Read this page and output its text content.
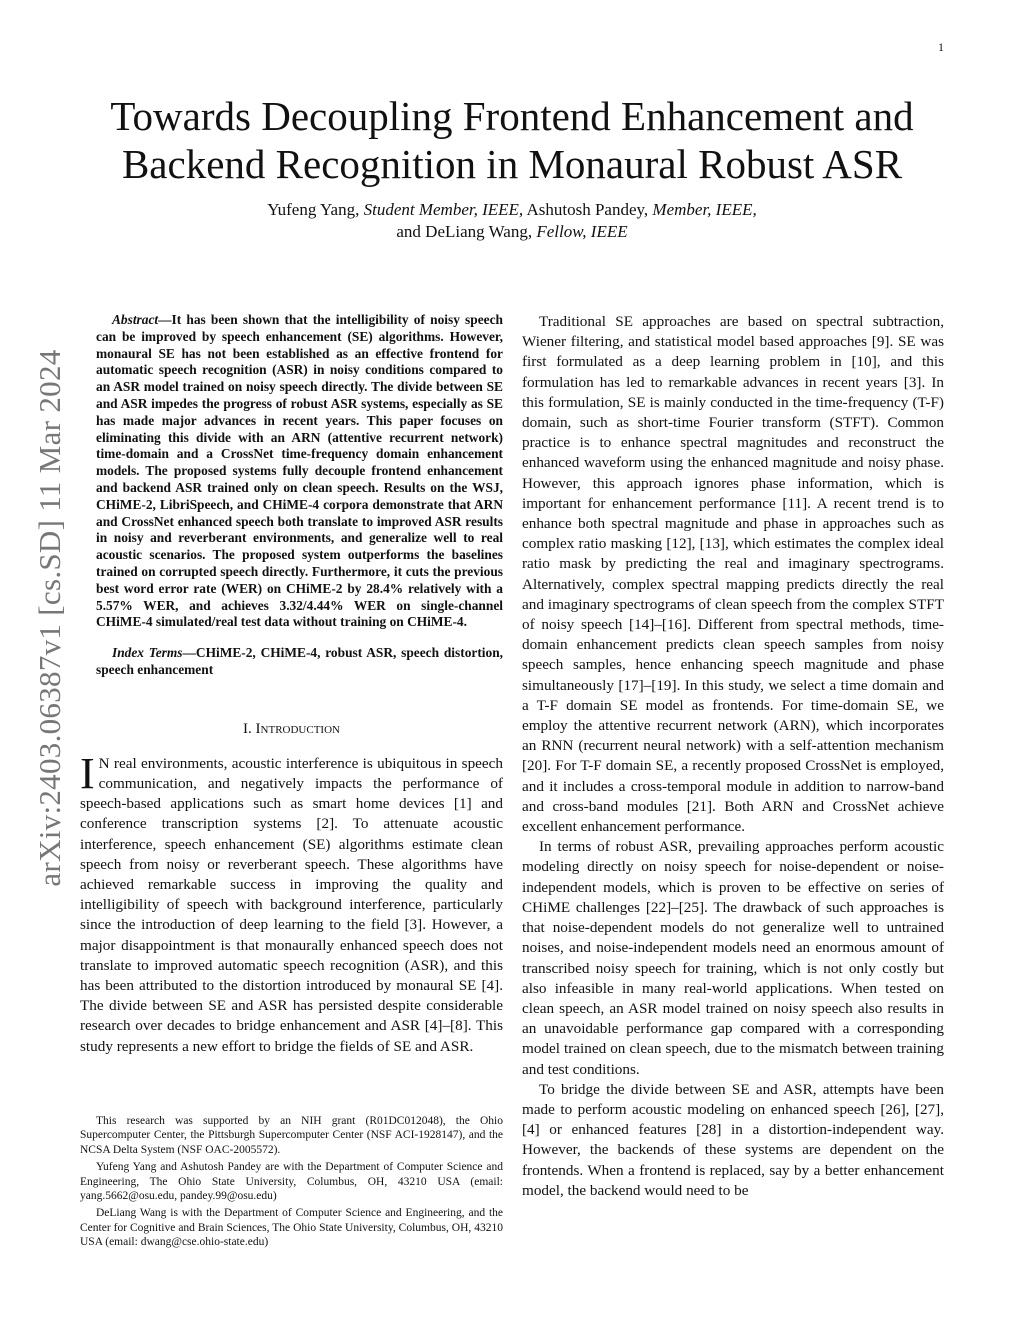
1
arXiv:2403.06387v1 [cs.SD] 11 Mar 2024
Towards Decoupling Frontend Enhancement and
Backend Recognition in Monaural Robust ASR
Yufeng Yang, Student Member, IEEE, Ashutosh Pandey, Member, IEEE,
and DeLiang Wang, Fellow, IEEE

Abstract—It has been shown that the intelligibility of noisy speech can be improved by speech enhancement (SE) algorithms. However, monaural SE has not been established as an effective frontend for automatic speech recognition (ASR) in noisy conditions compared to an ASR model trained on noisy speech directly. The divide between SE and ASR impedes the progress of robust ASR systems, especially as SE has made major advances in recent years. This paper focuses on eliminating this divide with an ARN (attentive recurrent network) time-domain and a CrossNet time-frequency domain enhancement models. The proposed systems fully decouple frontend enhancement and backend ASR trained only on clean speech. Results on the WSJ, CHiME-2, LibriSpeech, and CHiME-4 corpora demonstrate that ARN and CrossNet enhanced speech both translate to improved ASR results in noisy and reverberant environments, and generalize well to real acoustic scenarios. The proposed system outperforms the baselines trained on corrupted speech directly. Furthermore, it cuts the previous best word error rate (WER) on CHiME-2 by 28.4% relatively with a 5.57% WER, and achieves 3.32/4.44% WER on single-channel CHiME-4 simulated/real test data without training on CHiME-4.

Index Terms—CHiME-2, CHiME-4, robust ASR, speech distortion, speech enhancement

I. Introduction

I N real environments, acoustic interference is ubiquitous in speech communication, and negatively impacts the performance of speech-based applications such as smart home devices [1] and conference transcription systems [2]. To attenuate acoustic interference, speech enhancement (SE) algorithms estimate clean speech from noisy or reverberant speech. These algorithms have achieved remarkable success in improving the quality and intelligibility of speech with background interference, particularly since the introduction of deep learning to the field [3]. However, a major disappointment is that monaurally enhanced speech does not translate to improved automatic speech recognition (ASR), and this has been attributed to the distortion introduced by monaural SE [4]. The divide between SE and ASR has persisted despite considerable research over decades to bridge enhancement and ASR [4]–[8]. This study represents a new effort to bridge the fields of SE and ASR.

This research was supported by an NIH grant (R01DC012048), the Ohio Supercomputer Center, the Pittsburgh Supercomputer Center (NSF ACI-1928147), and the NCSA Delta System (NSF OAC-2005572).

Yufeng Yang and Ashutosh Pandey are with the Department of Computer Science and Engineering, The Ohio State University, Columbus, OH, 43210 USA (email: yang.5662@osu.edu, pandey.99@osu.edu)

DeLiang Wang is with the Department of Computer Science and Engineering, and the Center for Cognitive and Brain Sciences, The Ohio State University, Columbus, OH, 43210 USA (email: dwang@cse.ohio-state.edu)

Traditional SE approaches are based on spectral subtraction, Wiener filtering, and statistical model based approaches [9]. SE was first formulated as a deep learning problem in [10], and this formulation has led to remarkable advances in recent years [3]. In this formulation, SE is mainly conducted in the time-frequency (T-F) domain, such as short-time Fourier transform (STFT). Common practice is to enhance spectral magnitudes and reconstruct the enhanced waveform using the enhanced magnitude and noisy phase. However, this approach ignores phase information, which is important for enhancement performance [11]. A recent trend is to enhance both spectral magnitude and phase in approaches such as complex ratio masking [12], [13], which estimates the complex ideal ratio mask by predicting the real and imaginary spectrograms. Alternatively, complex spectral mapping predicts directly the real and imaginary spectrograms of clean speech from the complex STFT of noisy speech [14]–[16]. Different from spectral methods, time-domain enhancement predicts clean speech samples from noisy speech samples, hence enhancing speech magnitude and phase simultaneously [17]–[19]. In this study, we select a time domain and a T-F domain SE model as frontends. For time-domain SE, we employ the attentive recurrent network (ARN), which incorporates an RNN (recurrent neural network) with a self-attention mechanism [20]. For T-F domain SE, a recently proposed CrossNet is employed, and it includes a cross-temporal module in addition to narrow-band and cross-band modules [21]. Both ARN and CrossNet achieve excellent enhancement performance.

In terms of robust ASR, prevailing approaches perform acoustic modeling directly on noisy speech for noise-dependent or noise-independent models, which is proven to be effective on series of CHiME challenges [22]–[25]. The drawback of such approaches is that noise-dependent models do not generalize well to untrained noises, and noise-independent models need an enormous amount of transcribed noisy speech for training, which is not only costly but also infeasible in many real-world applications. When tested on clean speech, an ASR model trained on noisy speech also results in an unavoidable performance gap compared with a corresponding model trained on clean speech, due to the mismatch between training and test conditions.

To bridge the divide between SE and ASR, attempts have been made to perform acoustic modeling on enhanced speech [26], [27], [4] or enhanced features [28] in a distortion-independent way. However, the backends of these systems are dependent on the frontends. When a frontend is replaced, say by a better enhancement model, the backend would need to be
